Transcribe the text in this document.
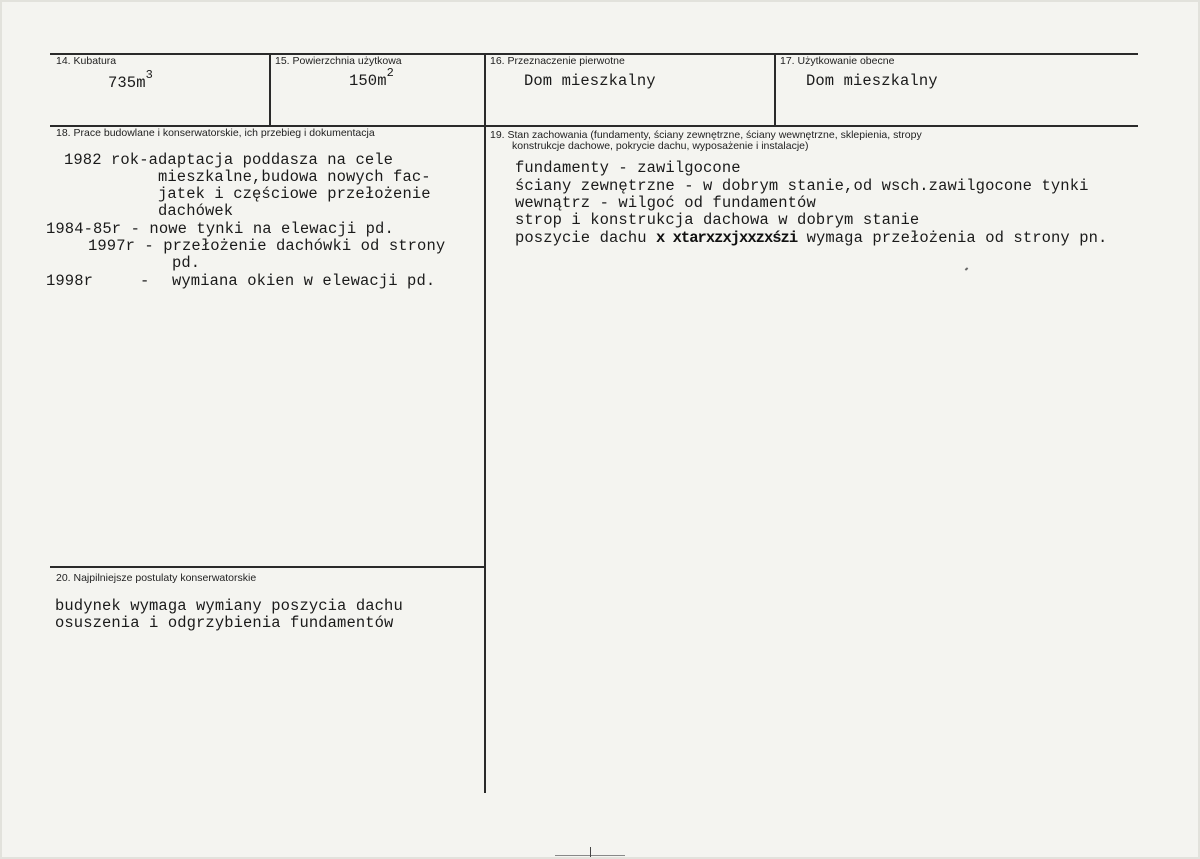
14. Kubatura
$735m^3$
15. Powierzchnia użytkowa
$150m^2$
16. Przeznaczenie pierwotne
Dom mieszkalny
17. Użytkowanie obecne
Dom mieszkalny
18. Prace budowlane i konserwatorskie, ich przebieg i dokumentacja
1982 rok-adaptacja poddasza na cele
mieszkalne,budowa nowych fac-
jatek i częściowe przełożenie
dachówek
1984-85r - nowe tynki na elewacji pd.
1997r - przełożenie dachówki od strony
pd.
1998r	- wymiana okien w elewacji pd.
19. Stan zachowania (fundamenty, ściany zewnętrzne, ściany wewnętrzne, sklepienia, stropy
konstrukcje dachowe, pokrycie dachu, wyposażenie i instalacje)
fundamenty - zawilgocone
ściany zewnętrzne - w dobrym stanie,od wsch.zawilgocone tynki
wewnątrz - wilgoć od fundamentów
strop i konstrukcja dachowa w dobrym stanie
poszycie dachu x xtarxzxjxxzxśzi wymaga przełożenia od strony pn.
20. Najpilniejsze postulaty konserwatorskie
budynek wymaga wymiany poszycia dachu
osuszenia i odgrzybienia fundamentów
